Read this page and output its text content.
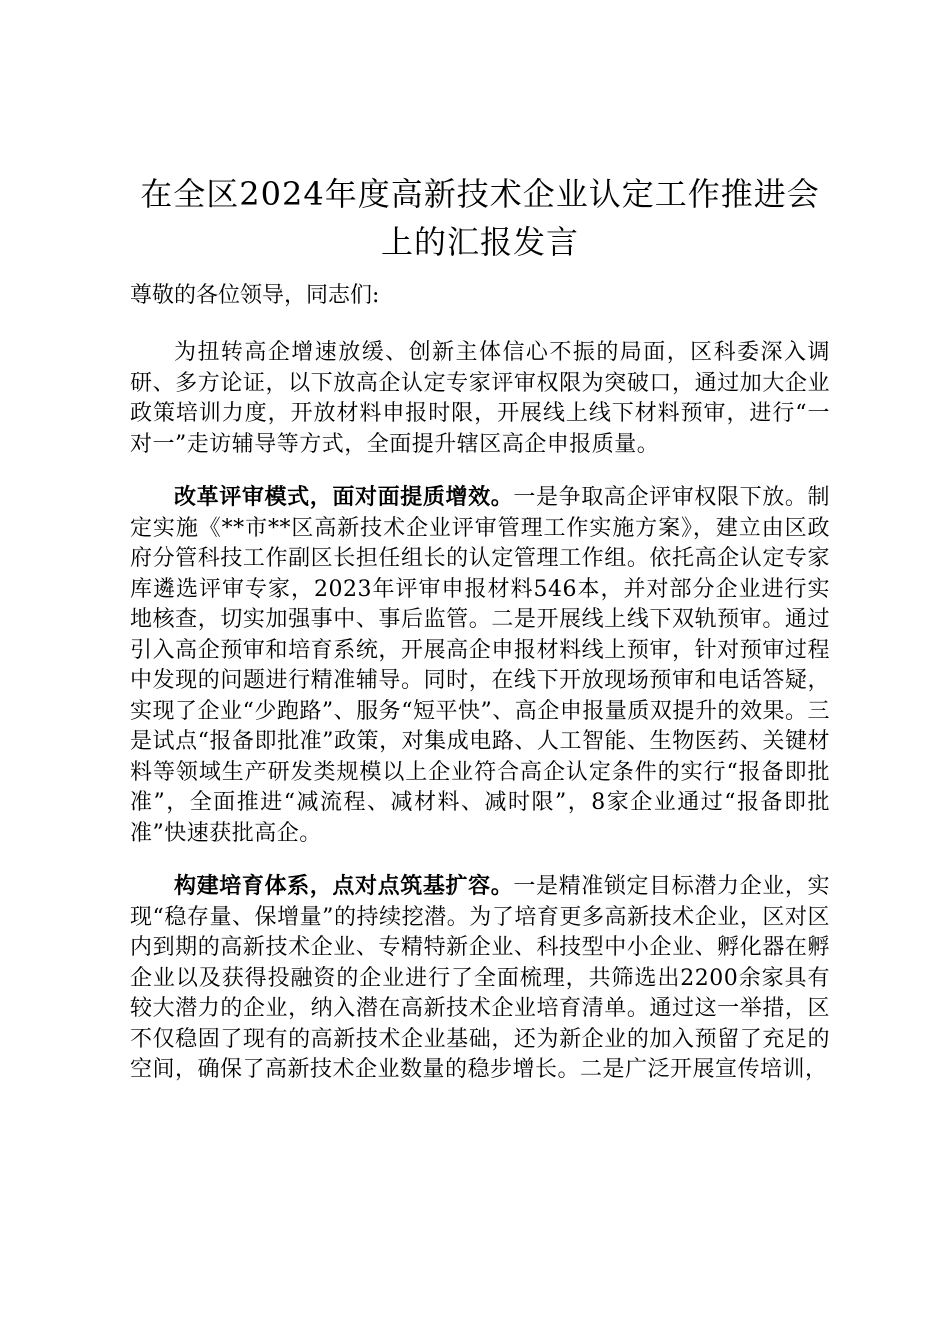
在全区2024年度高新技术企业认定工作推进会上的汇报发言

尊敬的各位领导，同志们:

为扭转高企增速放缓、创新主体信心不振的局面，区科委深入调研、多方论证，以下放高企认定专家评审权限为突破口，通过加大企业政策培训力度，开放材料申报时限，开展线上线下材料预审，进行“一对一”走访辅导等方式，全面提升辖区高企申报质量。

改革评审模式，面对面提质增效。一是争取高企评审权限下放。制定实施《**市**区高新技术企业评审管理工作实施方案》，建立由区政府分管科技工作副区长担任组长的认定管理工作组。依托高企认定专家库遴选评审专家，2023年评审申报材料546本，并对部分企业进行实地核查，切实加强事中、事后监管。二是开展线上线下双轨预审。通过引入高企预审和培育系统，开展高企申报材料线上预审，针对预审过程中发现的问题进行精准辅导。同时，在线下开放现场预审和电话答疑，实现了企业“少跑路”、服务“短平快”、高企申报量质双提升的效果。三是试点“报备即批准”政策，对集成电路、人工智能、生物医药、关键材料等领域生产研发类规模以上企业符合高企认定条件的实行“报备即批准”，全面推进“减流程、减材料、减时限”，8家企业通过“报备即批准”快速获批高企。

构建培育体系，点对点筑基扩容。一是精准锁定目标潜力企业，实现“稳存量、保增量”的持续挖潜。为了培育更多高新技术企业，区对区内到期的高新技术企业、专精特新企业、科技型中小企业、孵化器在孵企业以及获得投融资的企业进行了全面梳理，共筛选出2200余家具有较大潜力的企业，纳入潜在高新技术企业培育清单。通过这一举措，区不仅稳固了现有的高新技术企业基础，还为新企业的加入预留了充足的空间，确保了高新技术企业数量的稳步增长。二是广泛开展宣传培训，
